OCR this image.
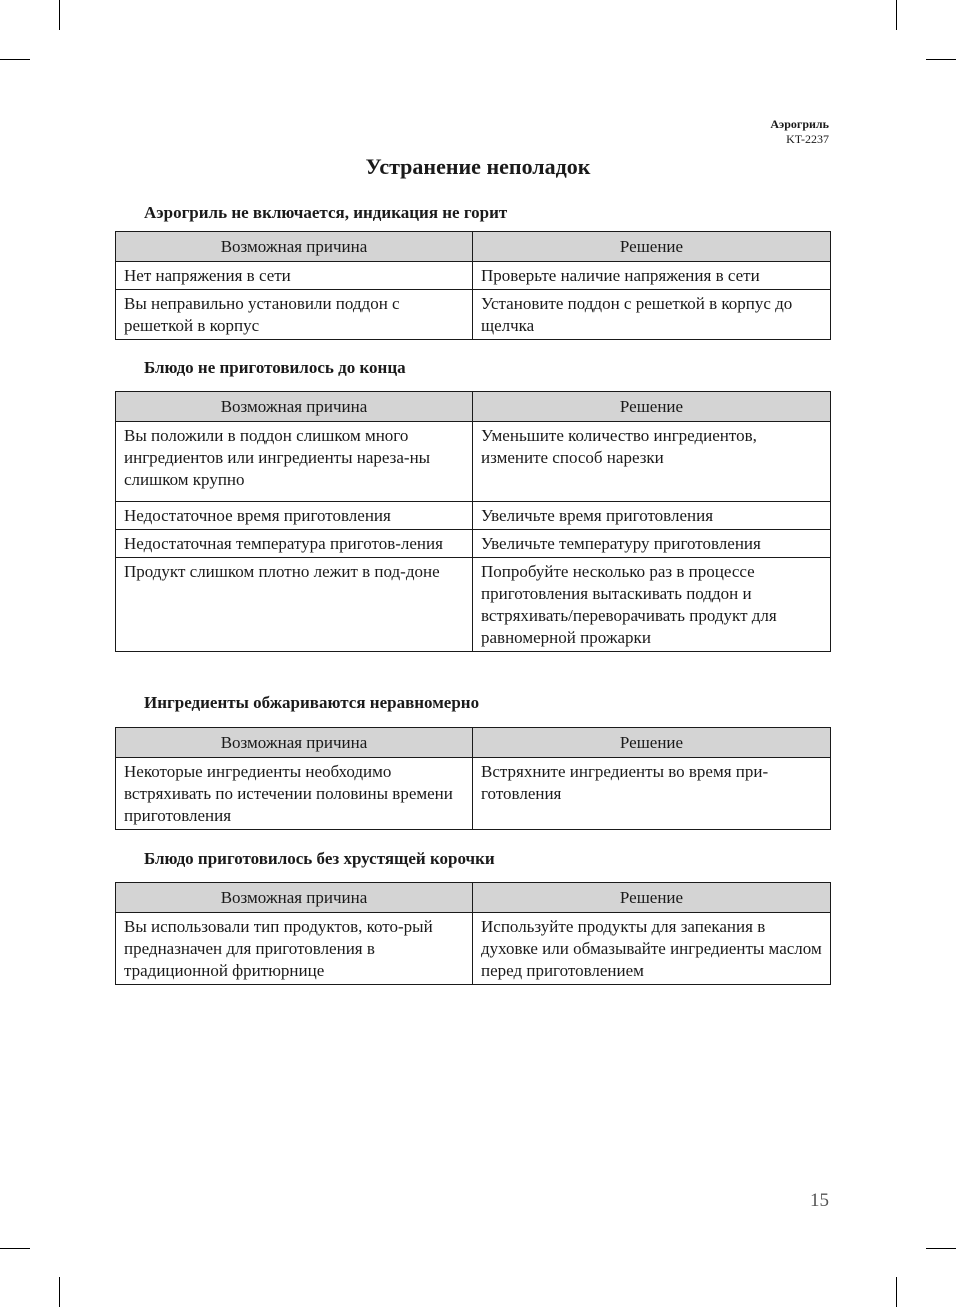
Аэрогриль
KT-2237
Устранение неполадок
Аэрогриль не включается, индикация не горит
Возможная причина	Решение
Нет напряжения в сети	Проверьте наличие напряжения в сети
Вы неправильно установили поддон с решеткой в корпус	Установите поддон с решеткой в корпус до щелчка
Блюдо не приготовилось до конца
Возможная причина	Решение
Вы положили в поддон слишком много ингредиентов или ингредиенты нареза-ны слишком крупно	Уменьшите количество ингредиентов, измените способ нарезки
Недостаточное время приготовления	Увеличьте время приготовления
Недостаточная температура приготов-ления	Увеличьте температуру приготовления
Продукт слишком плотно лежит в под-доне	Попробуйте несколько раз в процессе приготовления вытаскивать поддон и встряхивать/переворачивать продукт для равномерной прожарки
Ингредиенты обжариваются неравномерно
Возможная причина	Решение
Некоторые ингредиенты необходимо встряхивать по истечении половины времени приготовления	Встряхните ингредиенты во время при-готовления
Блюдо приготовилось без хрустящей корочки
Возможная причина	Решение
Вы использовали тип продуктов, кото-рый предназначен для приготовления в традиционной фритюрнице	Используйте продукты для запекания в духовке или обмазывайте ингредиенты маслом перед приготовлением
15
